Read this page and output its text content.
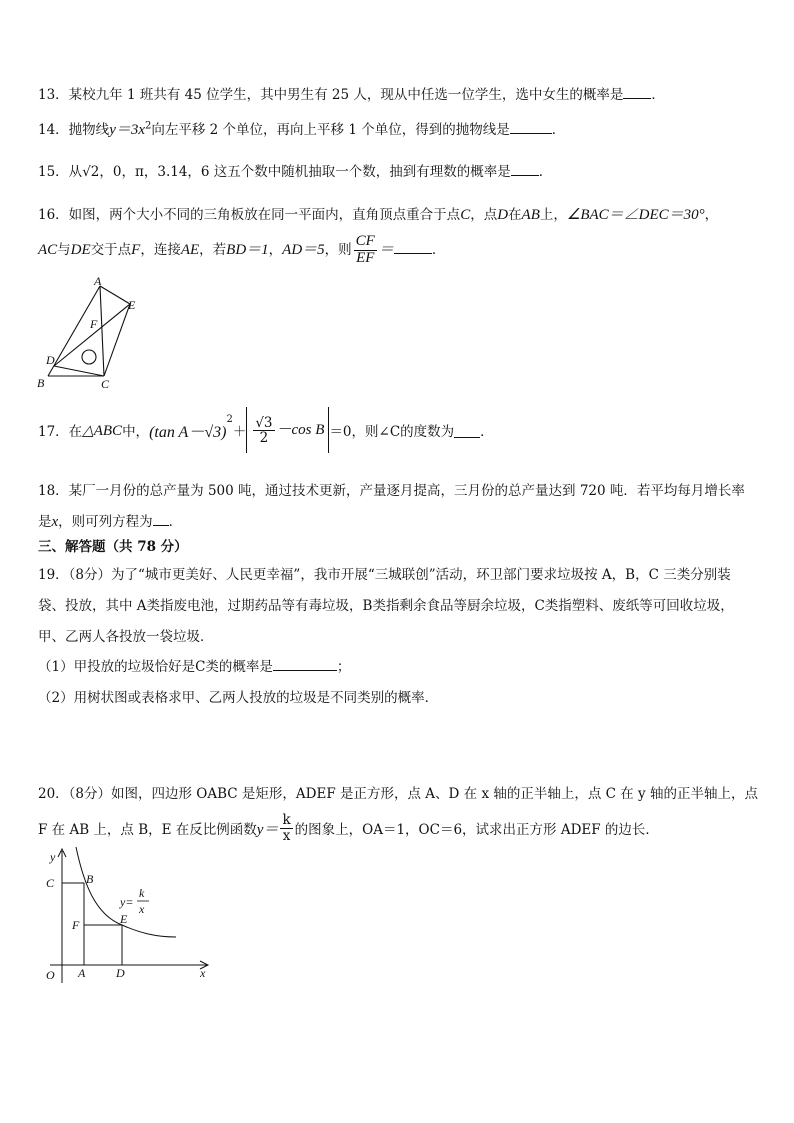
13．某校九年 1 班共有 45 位学生，其中男生有 25 人，现从中任选一位学生，选中女生的概率是 ．
14．抛物线$y=3x^2$向左平移 2 个单位，再向上平移 1 个单位，得到的抛物线是	．
15．从√2，0，π，3.14，6 这五个数中随机抽取一个数，抽到有理数的概率是 ．
16．如图，两个大小不同的三角板放在同一平面内，直角顶点重合于点C，点D在AB上，∠BAC＝∠DEC＝30°，
AC与DE交于点F，连接AE，若BD＝1，AD＝5，则 $\frac{CF}{EF}$ ＝	．
A
E
F
D
B	C
17．在 △ABC 中， (tan A－√3)
$^2$
＋ $\frac{√3}{2} -\cos$ B ＝0，则∠C的度数为 ．
18．某厂一月份的总产量为 500 吨，通过技术更新，产量逐月提高，三月份的总产量达到 720 吨．若平均每月增长率
是x，则可列方程为 ．
三、解答题（共 78 分）
19．（8分）为了“城市更美好、人民更幸福”，我市开展“三城联创”活动，环卫部门要求垃圾按 A，B，C 三类分别装
袋、投放，其中 A类指废电池，过期药品等有毒垃圾，B类指剩余食品等厨余垃圾，C类指塑料、废纸等可回收垃圾，
甲、乙两人各投放一袋垃圾．
（1）甲投放的垃圾恰好是C类的概率是	；
（2）用树状图或表格求甲、乙两人投放的垃圾是不同类别的概率．
20．（8分）如图，四边形 OABC 是矩形，ADEF 是正方形，点 A、D 在 x 轴的正半轴上，点 C 在 y 轴的正半轴上，点
F 在 AB 上，点 B，E 在反比例函数 $y= \frac{k}{x}$ 的图象上，OA＝1，OC＝6，试求出正方形 ADEF 的边长．
y
x
O A	D
C	B
F	E
y=
k
x
